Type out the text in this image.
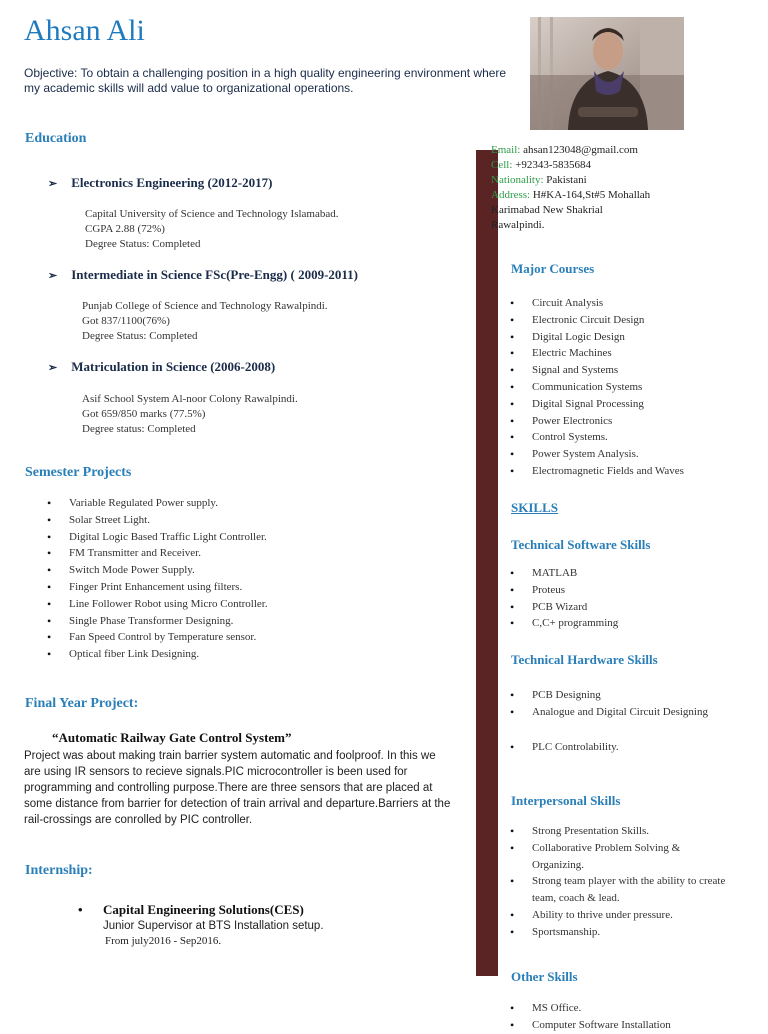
Ahsan Ali
Objective: To obtain a challenging position in a high quality engineering environment where my academic skills will add value to organizational operations.
Education
➢ Electronics Engineering (2012-2017)
Capital University of Science and Technology Islamabad.
CGPA 2.88 (72%)
Degree Status: Completed
➢ Intermediate in Science FSc(Pre-Engg) ( 2009-2011)
Punjab College of Science and Technology Rawalpindi.
Got 837/1100(76%)
Degree Status: Completed
➢ Matriculation in Science (2006-2008)
Asif School System Al-noor Colony Rawalpindi.
Got 659/850 marks (77.5%)
Degree status: Completed
Semester Projects
• Variable Regulated Power supply.
• Solar Street Light.
• Digital Logic Based Traffic Light Controller.
• FM Transmitter and Receiver.
• Switch Mode Power Supply.
• Finger Print Enhancement using filters.
• Line Follower Robot using Micro Controller.
• Single Phase Transformer Designing.
• Fan Speed Control by Temperature sensor.
• Optical fiber Link Designing.
Final Year Project:
“Automatic Railway Gate Control System”
Project was about making train barrier system automatic and foolproof. In this we are using IR sensors to recieve signals.PIC microcontroller is been used for programming and controlling purpose.There are three sensors that are placed at some distance from barrier for detection of train arrival and departure.Barriers at the rail-crossings are conrolled by PIC controller.
Internship:
• Capital Engineering Solutions(CES)
Junior Supervisor at BTS Installation setup.
From july2016 - Sep2016.
Email: ahsan123048@gmail.com
Cell: +92343-5835684
Nationality: Pakistani
Address: H#KA-164,St#5 Mohallah
Karimabad New Shakrial
Rawalpindi.
Major Courses
• Circuit Analysis
• Electronic Circuit Design
• Digital Logic Design
• Electric Machines
• Signal and Systems
• Communication Systems
• Digital Signal Processing
• Power Electronics
• Control Systems.
• Power System Analysis.
• Electromagnetic Fields and Waves
SKILLS
Technical Software Skills
• MATLAB
• Proteus
• PCB Wizard
• C,C+ programming
Technical Hardware Skills
• PCB Designing
• Analogue and Digital Circuit Designing
• PLC Controlability.
Interpersonal Skills
• Strong Presentation Skills.
• Collaborative Problem Solving &
Organizing.
• Strong team player with the ability to create
team, coach & lead.
• Ability to thrive under pressure.
• Sportsmanship.
Other Skills
• MS Office.
• Computer Software Installation
